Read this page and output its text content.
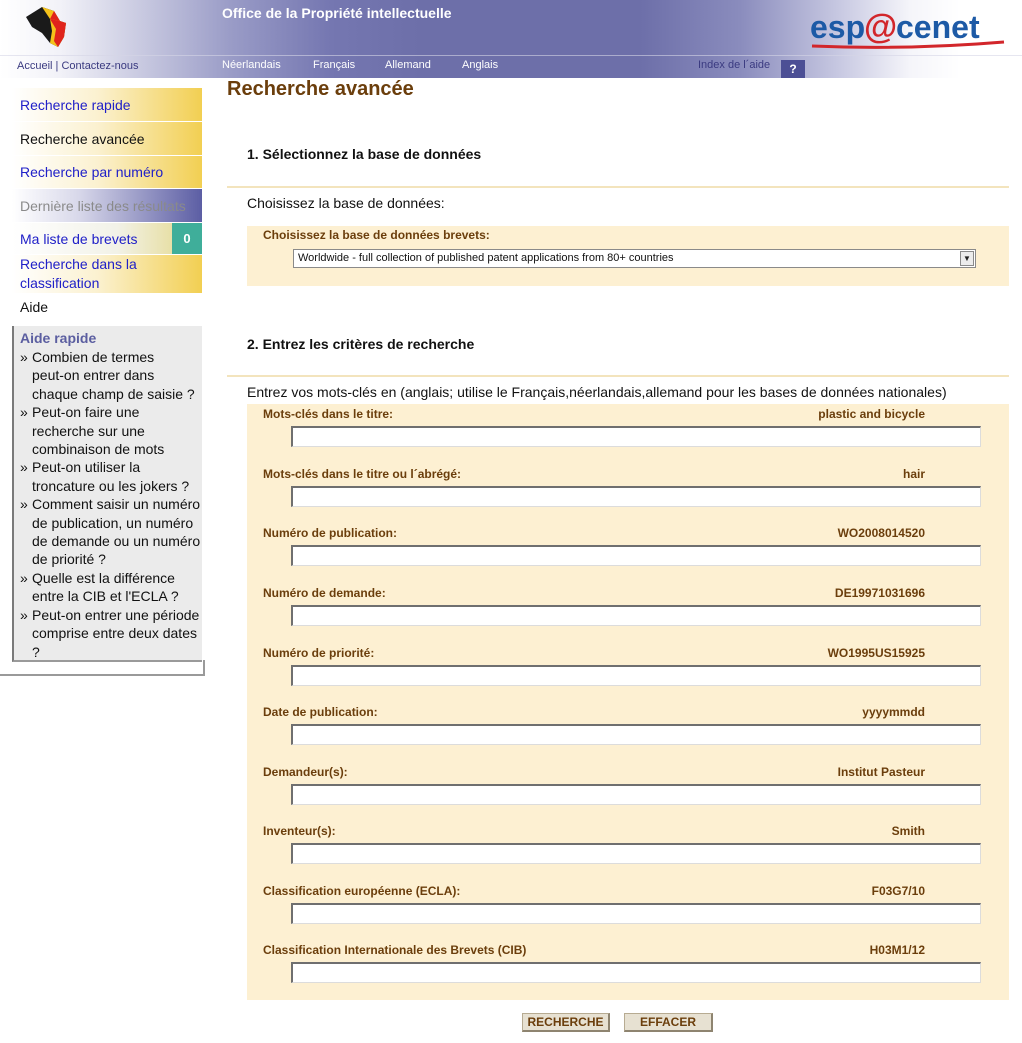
Office de la Propriété intellectuelle
Accueil | Contactez-nous	Néerlandais	Français	Allemand	Anglais	Index de l´aide	?
esp
@
cenet
Recherche rapide
Recherche avancée
Recherche par numéro
Dernière liste des résultats
Ma liste de brevets	0
Recherche dans la classification
Aide
Aide rapide
» Combien de termes
peut-on entrer dans
chaque champ de saisie ?
» Peut-on faire une
recherche sur une
combinaison de mots
» Peut-on utiliser la
troncature ou les jokers ?
» Comment saisir un numéro
de publication, un numéro
de demande ou un numéro
de priorité ?
» Quelle est la différence
entre la CIB et l'ECLA ?
» Peut-on entrer une période
comprise entre deux dates
?
Recherche avancée
1. Sélectionnez la base de données
Choisissez la base de données:
Choisissez la base de données brevets:
Worldwide - full collection of published patent applications from 80+ countries	▼
2. Entrez les critères de recherche
Entrez vos mots-clés en (anglais; utilise le Français,néerlandais,allemand pour les bases de données nationales)
Mots-clés dans le titre:	plastic and bicycle
Mots-clés dans le titre ou l´abrégé:	hair
Numéro de publication:	WO2008014520
Numéro de demande:	DE19971031696
Numéro de priorité:	WO1995US15925
Date de publication:	yyyymmdd
Demandeur(s):	Institut Pasteur
Inventeur(s):	Smith
Classification européenne (ECLA):	F03G7/10
Classification Internationale des Brevets (CIB)	H03M1/12
RECHERCHE	EFFACER
